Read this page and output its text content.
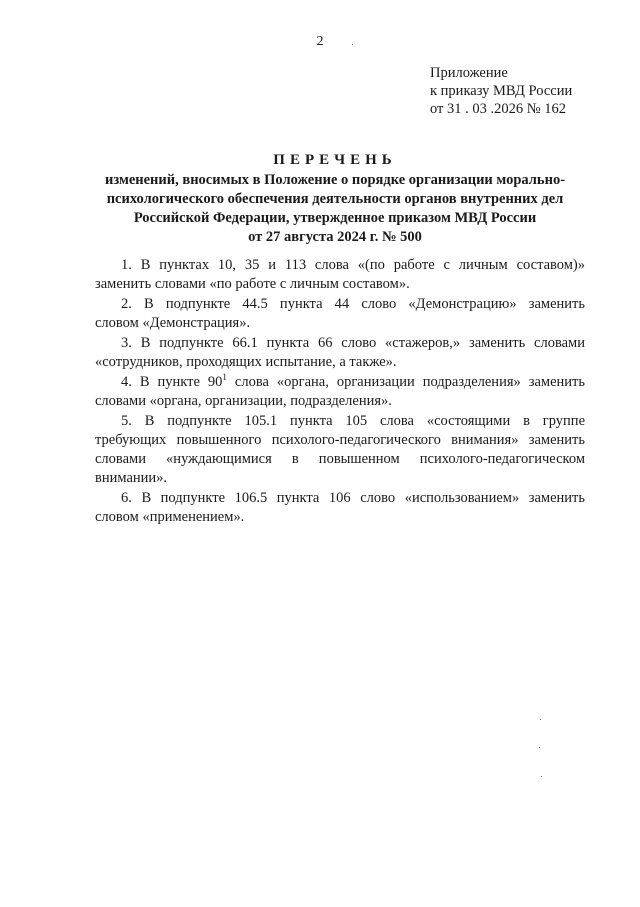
2
Приложение
к приказу МВД России
от 31 . 03 .2026 № 162
ПЕРЕЧЕНЬ
изменений, вносимых в Положение о порядке организации морально-
психологического обеспечения деятельности органов внутренних дел
Российской Федерации, утвержденное приказом МВД России
от 27 августа 2024 г. № 500
1. В пунктах 10, 35 и 113 слова «(по работе с личным составом)»
заменить словами «по работе с личным составом».
2. В подпункте 44.5 пункта 44 слово «Демонстрацию» заменить
словом «Демонстрация».
3. В подпункте 66.1 пункта 66 слово «стажеров,» заменить словами
«сотрудников, проходящих испытание, а также».
4. В пункте $90^1$ слова «органа, организации подразделения» заменить
словами «органа, организации, подразделения».
5. В подпункте 105.1 пункта 105 слова «состоящими в группе
требующих повышенного психолого-педагогического внимания» заменить
словами «нуждающимися в повышенном психолого-педагогическом
внимании».
6. В подпункте 106.5 пункта 106 слово «использованием» заменить
словом «применением».
